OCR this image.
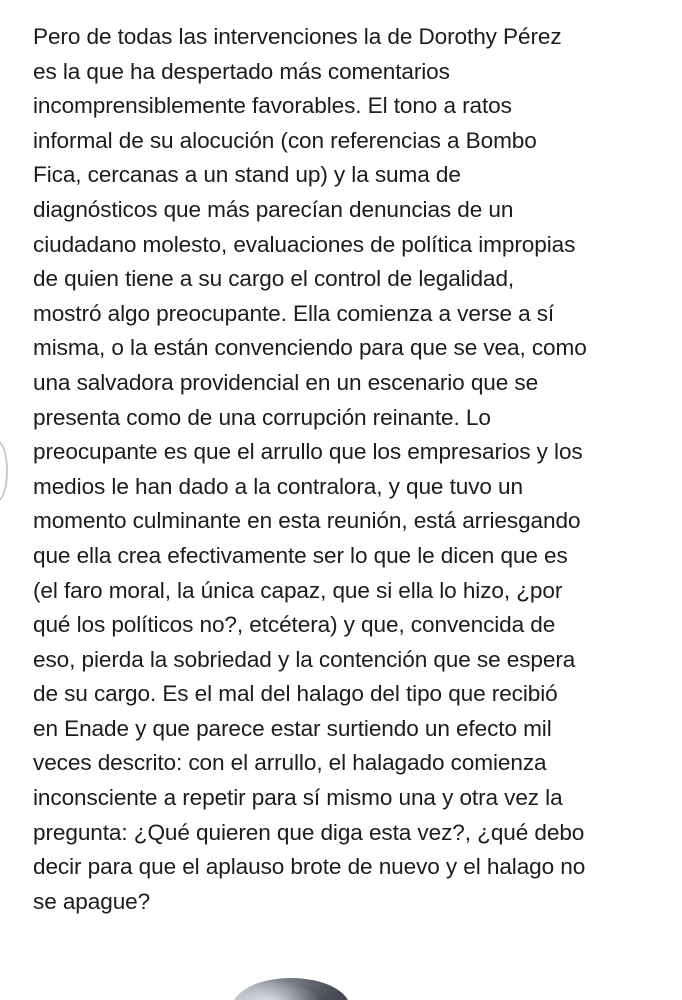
Pero de todas las intervenciones la de Dorothy Pérez
es la que ha despertado más comentarios
incomprensiblemente favorables. El tono a ratos
informal de su alocución (con referencias a Bombo
Fica, cercanas a un stand up) y la suma de
diagnósticos que más parecían denuncias de un
ciudadano molesto, evaluaciones de política impropias
de quien tiene a su cargo el control de legalidad,
mostró algo preocupante. Ella comienza a verse a sí
misma, o la están convenciendo para que se vea, como
una salvadora providencial en un escenario que se
presenta como de una corrupción reinante. Lo
preocupante es que el arrullo que los empresarios y los
medios le han dado a la contralora, y que tuvo un
momento culminante en esta reunión, está arriesgando
que ella crea efectivamente ser lo que le dicen que es
(el faro moral, la única capaz, que si ella lo hizo, ¿por
qué los políticos no?, etcétera) y que, convencida de
eso, pierda la sobriedad y la contención que se espera
de su cargo. Es el mal del halago del tipo que recibió
en Enade y que parece estar surtiendo un efecto mil
veces descrito: con el arrullo, el halagado comienza
inconsciente a repetir para sí mismo una y otra vez la
pregunta: ¿Qué quieren que diga esta vez?, ¿qué debo
decir para que el aplauso brote de nuevo y el halago no
se apague?
